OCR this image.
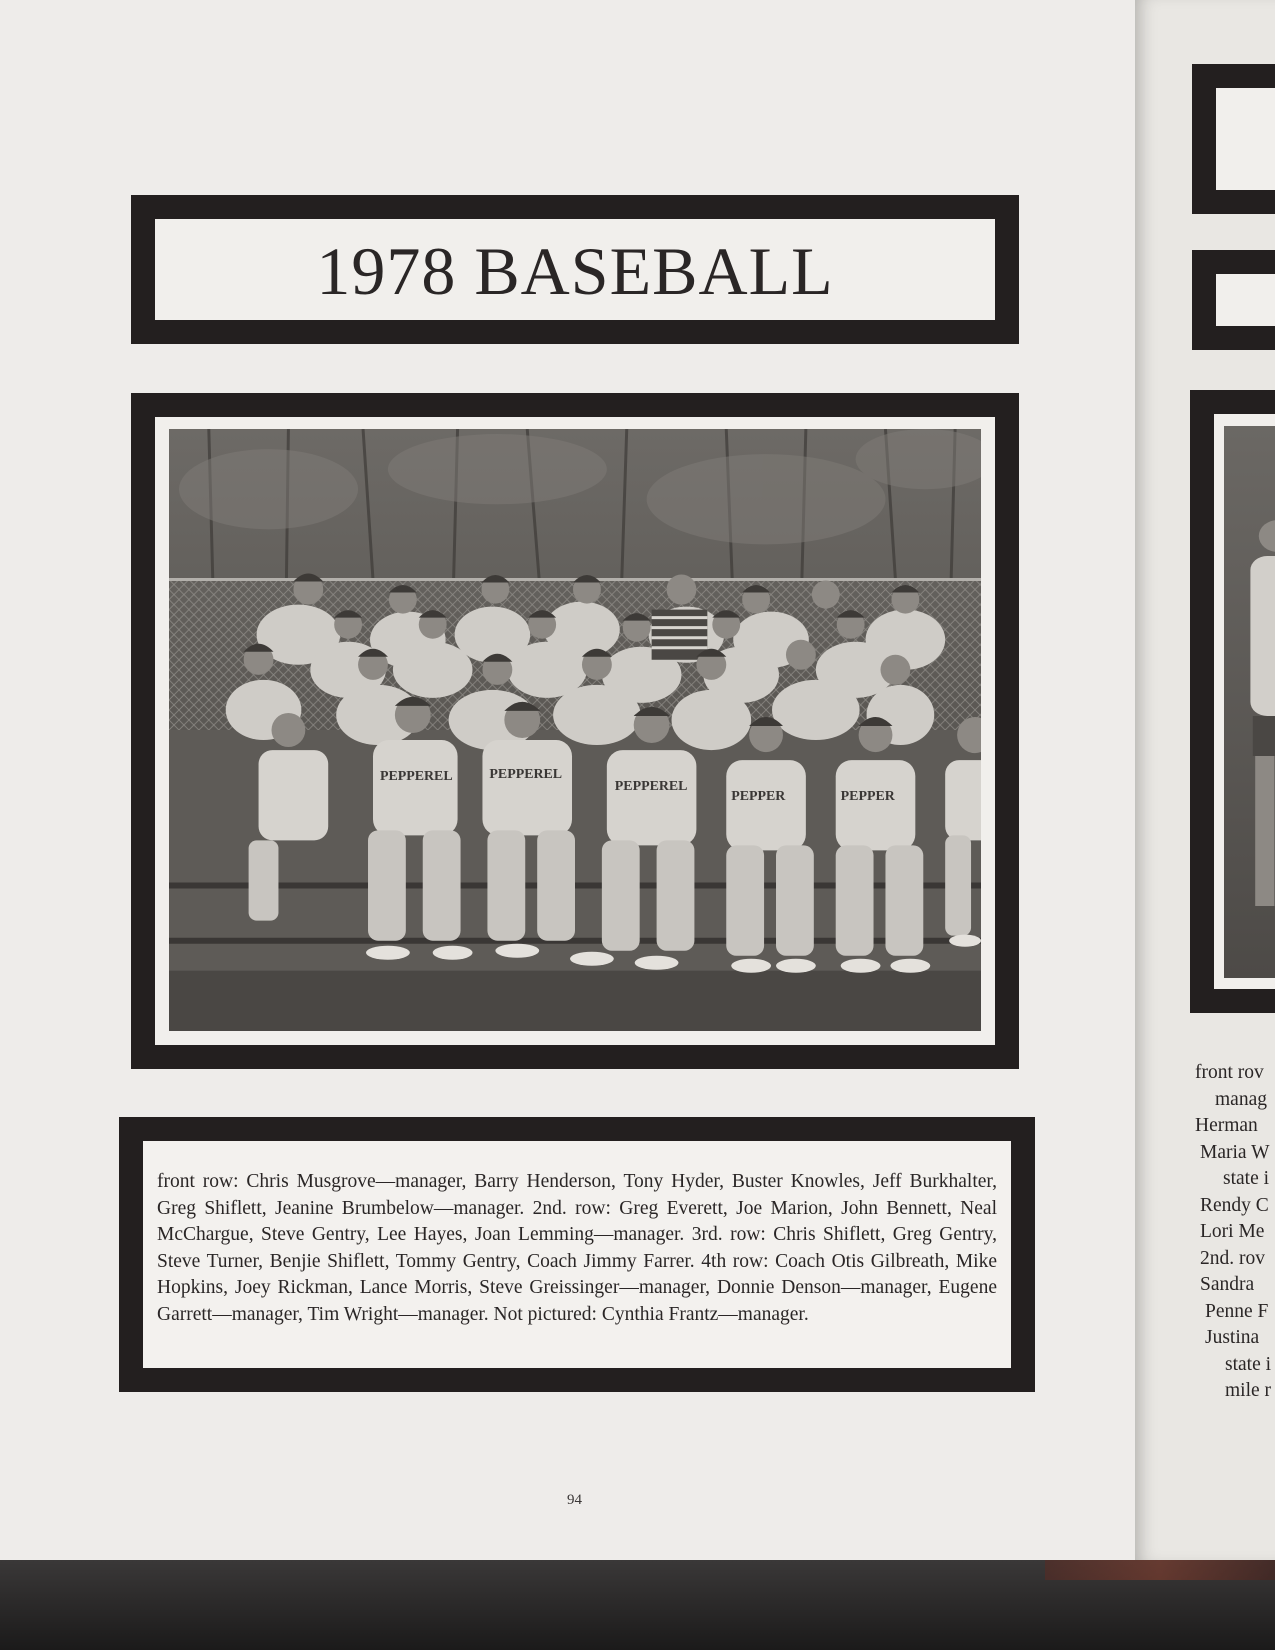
1978 BASEBALL
PEPPEREL	PEPPEREL
PEPPEREL
PEPPER	PEPPER

front row: Chris Musgrove—manager, Barry Henderson, Tony Hyder, Buster Knowles, Jeff Burkhalter, Greg Shiflett, Jeanine Brumbelow—manager. 2nd. row: Greg Everett, Joe Marion, John Bennett, Neal McChargue, Steve Gentry, Lee Hayes, Joan Lemming—manager. 3rd. row: Chris Shiflett, Greg Gentry, Steve Turner, Benjie Shiflett, Tommy Gentry, Coach Jimmy Farrer. 4th row: Coach Otis Gilbreath, Mike Hopkins, Joey Rickman, Lance Morris, Steve Greissinger—manager, Donnie Denson—manager, Eugene Garrett—manager, Tim Wright—manager. Not pictured: Cynthia Frantz—manager.

94
front rov
manag
Herman
Maria W
state i
Rendy C
Lori Me
2nd. rov
Sandra
Penne F
Justina
state i
mile r
